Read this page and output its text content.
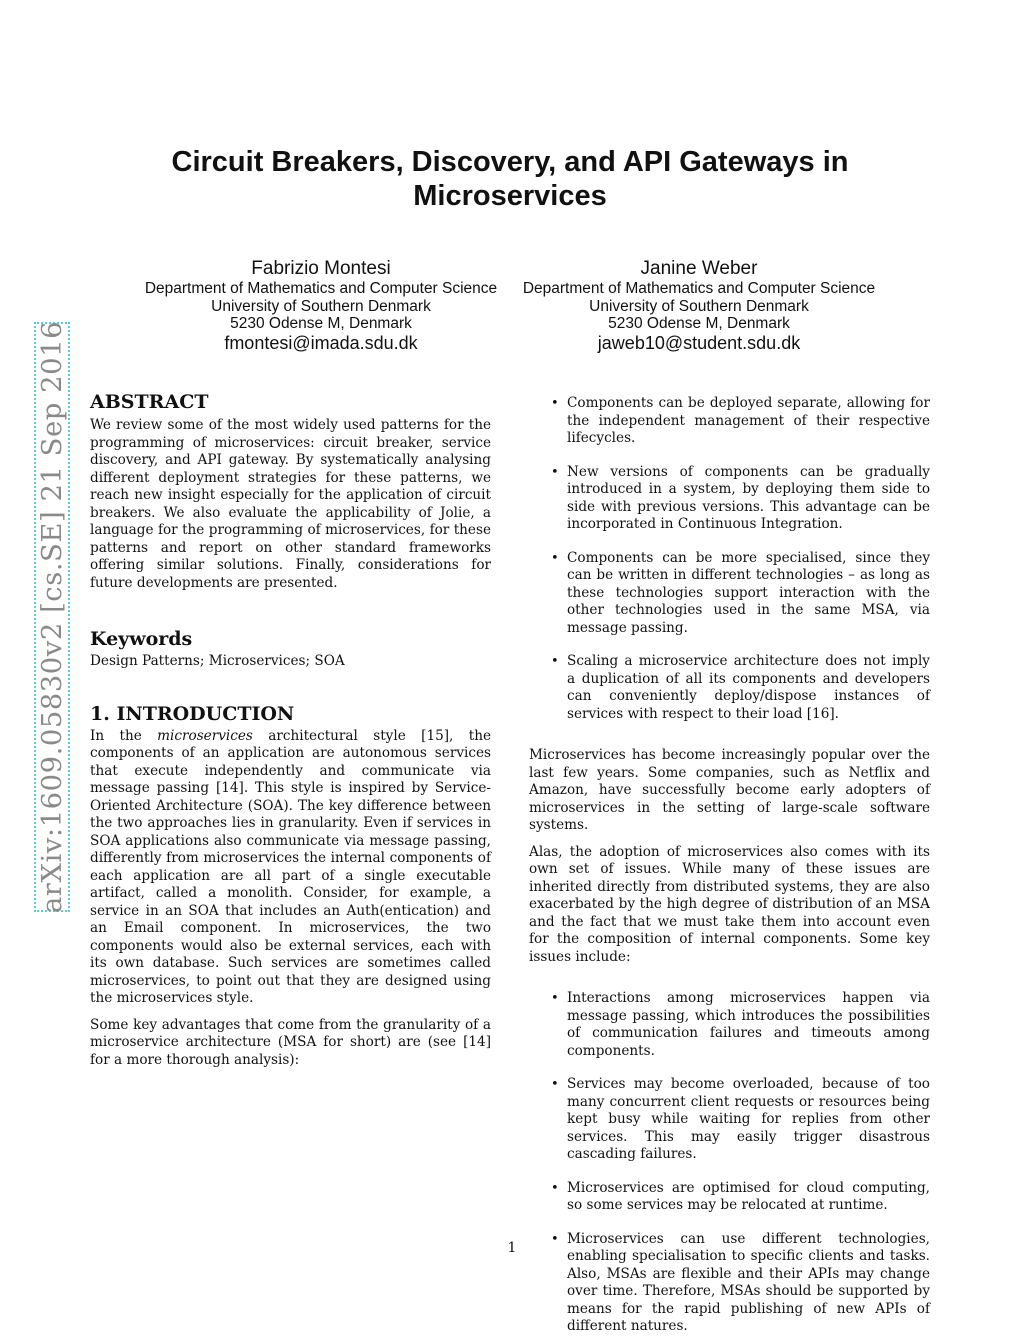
arXiv:1609.05830v2 [cs.SE] 21 Sep 2016
Circuit Breakers, Discovery, and API Gateways in Microservices
Fabrizio Montesi
Department of Mathematics and Computer Science
University of Southern Denmark
5230 Odense M, Denmark
fmontesi@imada.sdu.dk
Janine Weber
Department of Mathematics and Computer Science
University of Southern Denmark
5230 Odense M, Denmark
jaweb10@student.sdu.dk
ABSTRACT

We review some of the most widely used patterns for the programming of microservices: circuit breaker, service discovery, and API gateway. By systematically analysing different deployment strategies for these patterns, we reach new insight especially for the application of circuit breakers. We also evaluate the applicability of Jolie, a language for the programming of microservices, for these patterns and report on other standard frameworks offering similar solutions. Finally, considerations for future developments are presented.

Keywords

Design Patterns; Microservices; SOA

1. INTRODUCTION

In the microservices architectural style [15], the components of an application are autonomous services that execute independently and communicate via message passing [14]. This style is inspired by Service-Oriented Architecture (SOA). The key difference between the two approaches lies in granularity. Even if services in SOA applications also communicate via message passing, differently from microservices the internal components of each application are all part of a single executable artifact, called a monolith. Consider, for example, a service in an SOA that includes an Auth(entication) and an Email component. In microservices, the two components would also be external services, each with its own database. Such services are sometimes called microservices, to point out that they are designed using the microservices style.

Some key advantages that come from the granularity of a microservice architecture (MSA for short) are (see [14] for a more thorough analysis):

• Components can be deployed separate, allowing for the independent management of their respective lifecycles.
• New versions of components can be gradually introduced in a system, by deploying them side to side with previous versions. This advantage can be incorporated in Continuous Integration.
• Components can be more specialised, since they can be written in different technologies – as long as these technologies support interaction with the other technologies used in the same MSA, via message passing.
• Scaling a microservice architecture does not imply a duplication of all its components and developers can conveniently deploy/dispose instances of services with respect to their load [16].

Microservices has become increasingly popular over the last few years. Some companies, such as Netflix and Amazon, have successfully become early adopters of microservices in the setting of large-scale software systems.

Alas, the adoption of microservices also comes with its own set of issues. While many of these issues are inherited directly from distributed systems, they are also exacerbated by the high degree of distribution of an MSA and the fact that we must take them into account even for the composition of internal components. Some key issues include:

• Interactions among microservices happen via message passing, which introduces the possibilities of communication failures and timeouts among components.
• Services may become overloaded, because of too many concurrent client requests or resources being kept busy while waiting for replies from other services. This may easily trigger disastrous cascading failures.
• Microservices are optimised for cloud computing, so some services may be relocated at runtime.
• Microservices can use different technologies, enabling specialisation to specific clients and tasks. Also, MSAs are flexible and their APIs may change over time. Therefore, MSAs should be supported by means for the rapid publishing of new APIs of different natures.
1
